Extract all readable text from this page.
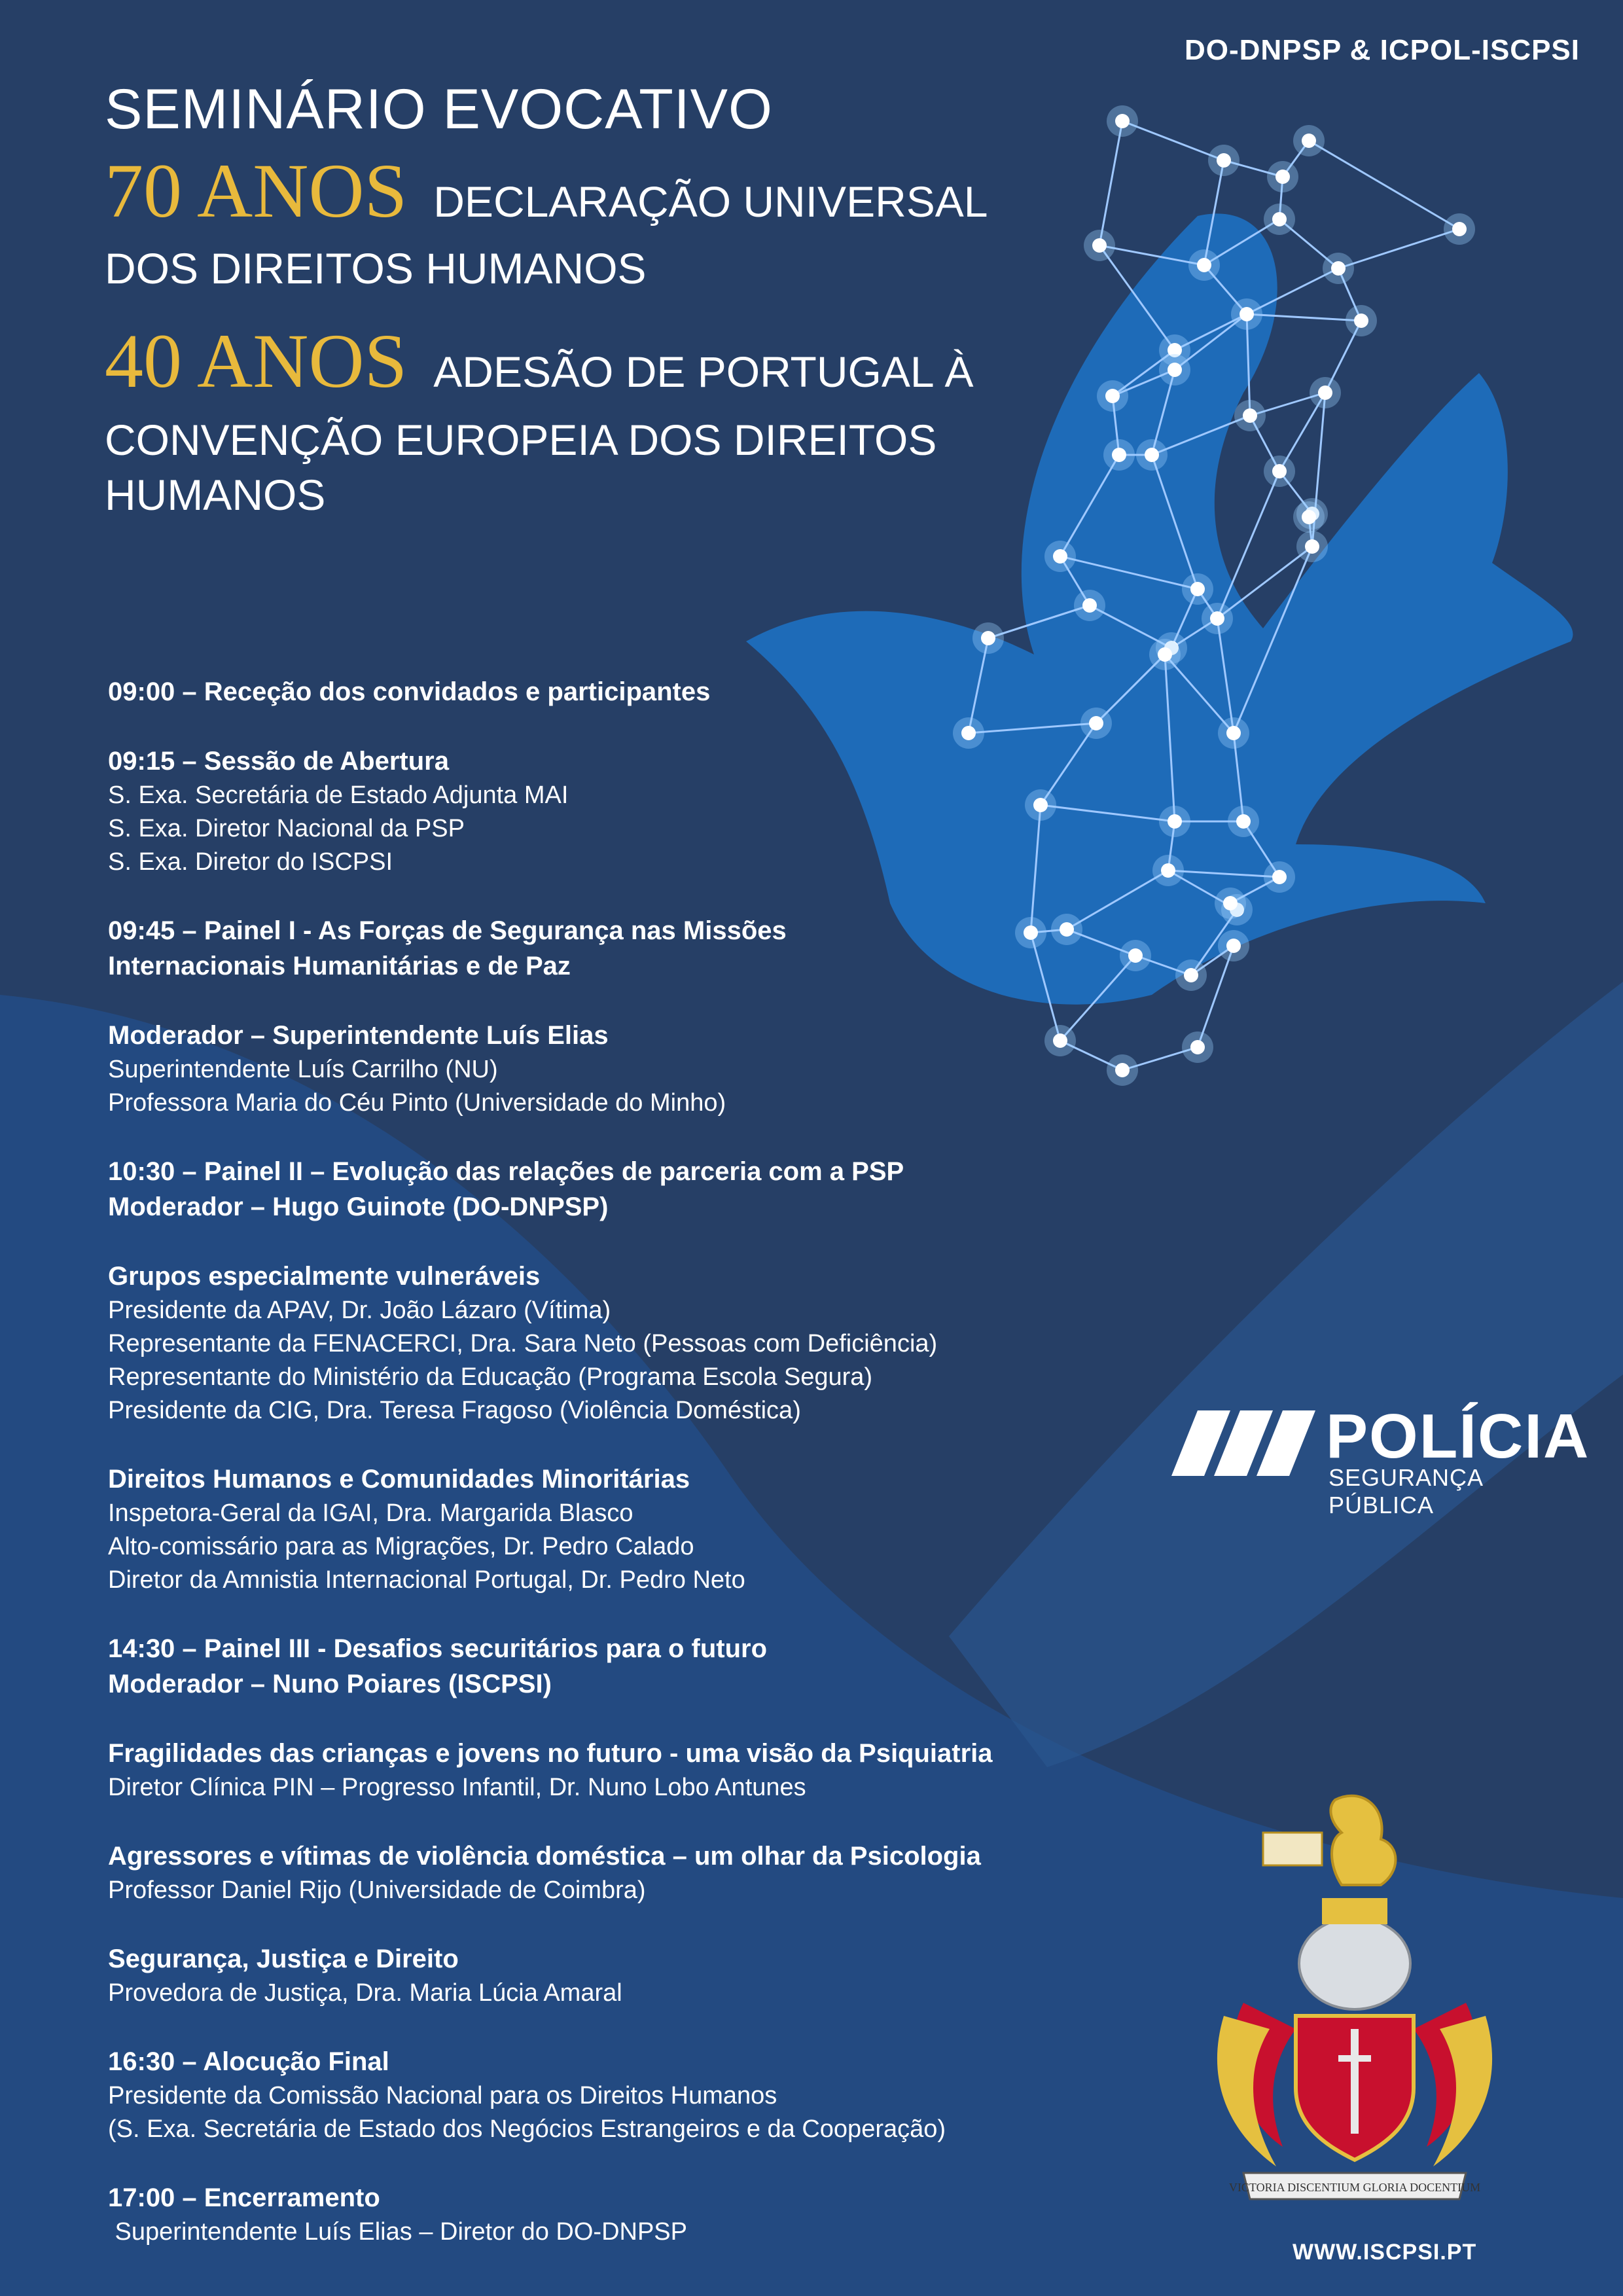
DO-DNPSP & ICPOL-ISCPSI
SEMINÁRIO EVOCATIVO
70 ANOS DECLARAÇÃO UNIVERSAL
DOS DIREITOS HUMANOS
40 ANOS ADESÃO DE PORTUGAL À
CONVENÇÃO EUROPEIA DOS DIREITOS
HUMANOS
09:00 – Receção dos convidados e participantes
09:15 – Sessão de Abertura
S. Exa. Secretária de Estado Adjunta MAI
S. Exa. Diretor Nacional da PSP
S. Exa. Diretor do ISCPSI
09:45 – Painel I - As Forças de Segurança nas Missões
Internacionais Humanitárias e de Paz
Moderador – Superintendente Luís Elias
Superintendente Luís Carrilho (NU)
Professora Maria do Céu Pinto (Universidade do Minho)
10:30 – Painel II – Evolução das relações de parceria com a PSP
Moderador – Hugo Guinote (DO-DNPSP)
Grupos especialmente vulneráveis
Presidente da APAV, Dr. João Lázaro (Vítima)
Representante da FENACERCI, Dra. Sara Neto (Pessoas com Deficiência)
Representante do Ministério da Educação (Programa Escola Segura)
Presidente da CIG, Dra. Teresa Fragoso (Violência Doméstica)
Direitos Humanos e Comunidades Minoritárias
Inspetora-Geral da IGAI, Dra. Margarida Blasco
Alto-comissário para as Migrações, Dr. Pedro Calado
Diretor da Amnistia Internacional Portugal, Dr. Pedro Neto
14:30 – Painel III - Desafios securitários para o futuro
Moderador – Nuno Poiares (ISCPSI)
Fragilidades das crianças e jovens no futuro - uma visão da Psiquiatria
Diretor Clínica PIN – Progresso Infantil, Dr. Nuno Lobo Antunes
Agressores e vítimas de violência doméstica – um olhar da Psicologia
Professor Daniel Rijo (Universidade de Coimbra)
Segurança, Justiça e Direito
Provedora de Justiça, Dra. Maria Lúcia Amaral
16:30 – Alocução Final
Presidente da Comissão Nacional para os Direitos Humanos
(S. Exa. Secretária de Estado dos Negócios Estrangeiros e da Cooperação)
17:00 – Encerramento
Superintendente Luís Elias – Diretor do DO-DNPSP
POLÍCIA
SEGURANÇA PÚBLICA
VICTORIA DISCENTIUM GLORIA DOCENTIUM
WWW.ISCPSI.PT
